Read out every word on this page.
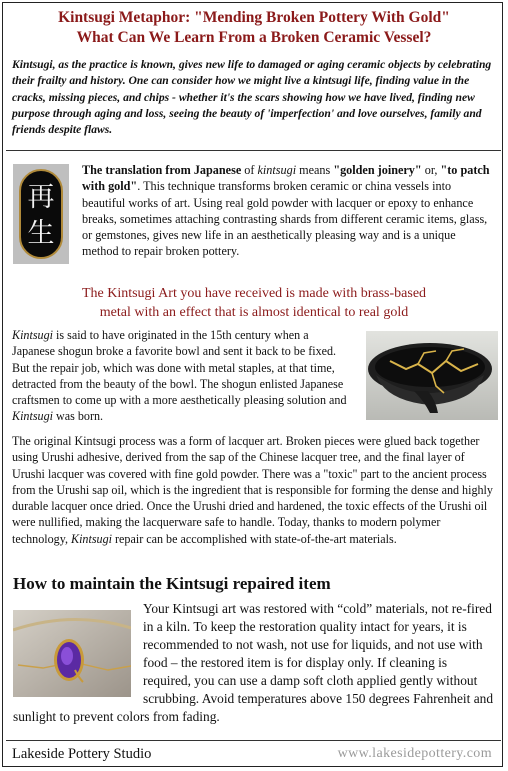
Kintsugi Metaphor: "Mending Broken Pottery With Gold"
What Can We Learn From a Broken Ceramic Vessel?
Kintsugi, as the practice is known, gives new life to damaged or aging ceramic objects by celebrating their frailty and history. One can consider how we might live a kintsugi life, finding value in the cracks, missing pieces, and chips - whether it's the scars showing how we have lived, finding new purpose through aging and loss, seeing the beauty of 'imperfection' and love ourselves, family and friends despite flaws.
再
生
The translation from Japanese of kintsugi means "golden joinery" or, "to patch with gold". This technique transforms broken ceramic or china vessels into beautiful works of art. Using real gold powder with lacquer or epoxy to enhance breaks, sometimes attaching contrasting shards from different ceramic items, glass, or gemstones, gives new life in an aesthetically pleasing way and is a unique method to repair broken pottery.
The Kintsugi Art you have received is made with brass-based
metal with an effect that is almost identical to real gold
Kintsugi is said to have originated in the 15th century when a Japanese shogun broke a favorite bowl and sent it back to be fixed. But the repair job, which was done with metal staples, at that time, detracted from the beauty of the bowl. The shogun enlisted Japanese craftsmen to come up with a more aesthetically pleasing solution and Kintsugi was born.
The original Kintsugi process was a form of lacquer art. Broken pieces were glued back together using Urushi adhesive, derived from the sap of the Chinese lacquer tree, and the final layer of Urushi lacquer was covered with fine gold powder. There was a "toxic" part to the ancient process from the Urushi sap oil, which is the ingredient that is responsible for forming the dense and highly durable lacquer once dried. Once the Urushi dried and hardened, the toxic effects of the Urushi oil were nullified, making the lacquerware safe to handle. Today, thanks to modern polymer technology, Kintsugi repair can be accomplished with state-of-the-art materials.
How to maintain the Kintsugi repaired item
Your Kintsugi art was restored with “cold” materials, not re-fired in a kiln. To keep the restoration quality intact for years, it is recommended to not wash, not use for liquids, and not use with food – the restored item is for display only. If cleaning is required, you can use a damp soft cloth applied gently without scrubbing. Avoid temperatures above 150 degrees Fahrenheit and sunlight to prevent colors from fading.
Lakeside Pottery Studio	www.lakesidepottery.com
